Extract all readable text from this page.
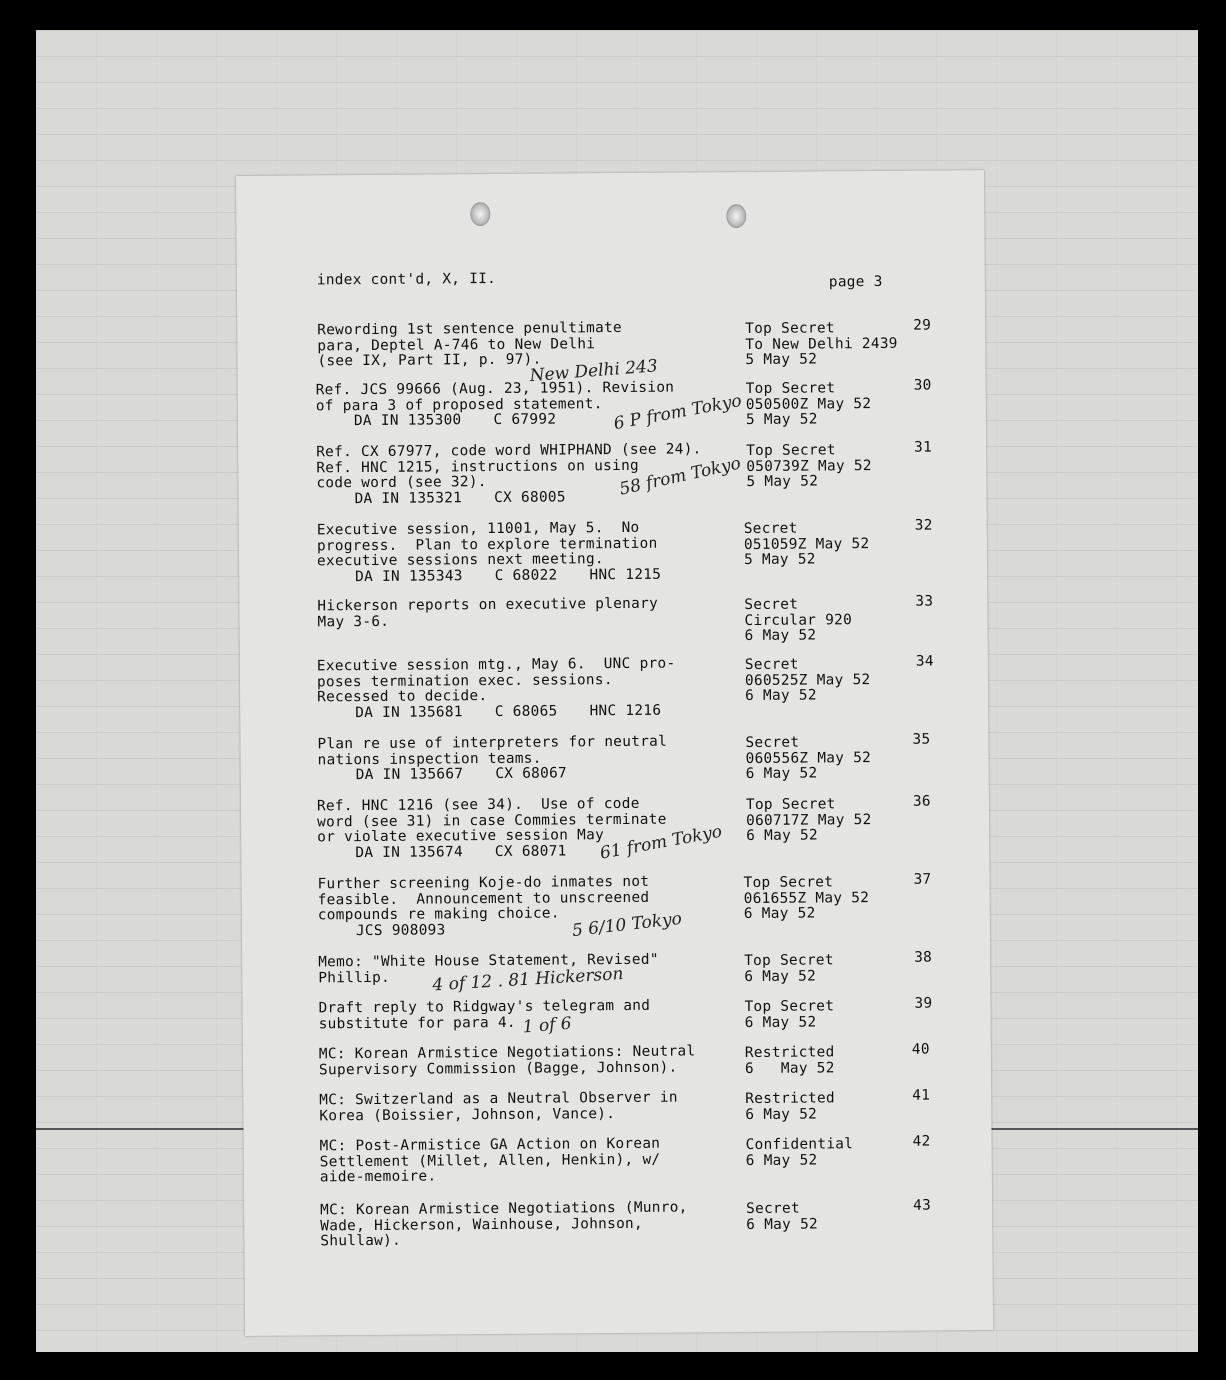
index cont'd, X, II.	page 3
Rewording 1st sentence penultimate
para, Deptel A-746 to New Delhi
(see IX, Part II, p. 97).
Top Secret
To New Delhi 2439
5 May 52
29
New Delhi 243
Ref. JCS 99666 (Aug. 23, 1951). Revision
of para 3 of proposed statement.
DA IN 135300 C 67992
Top Secret
050500Z May 52
5 May 52
30
6 P from Tokyo
Ref. CX 67977, code word WHIPHAND (see 24).
Ref. HNC 1215, instructions on using
code word (see 32).
DA IN 135321 CX 68005
Top Secret
050739Z May 52
5 May 52
31
58 from Tokyo
Executive session, 11001, May 5.  No
progress.  Plan to explore termination
executive sessions next meeting.
DA IN 135343 C 68022 HNC 1215
Secret
051059Z May 52
5 May 52
32
Hickerson reports on executive plenary
May 3-6.
Secret
Circular 920
6 May 52
33
Executive session mtg., May 6.  UNC pro-
poses termination exec. sessions.
Recessed to decide.
DA IN 135681 C 68065 HNC 1216
Secret
060525Z May 52
6 May 52
34
Plan re use of interpreters for neutral
nations inspection teams.
DA IN 135667 CX 68067
Secret
060556Z May 52
6 May 52
35
Ref. HNC 1216 (see 34).  Use of code
word (see 31) in case Commies terminate
or violate executive session May
DA IN 135674 CX 68071
Top Secret
060717Z May 52
6 May 52
36
61 from Tokyo
Further screening Koje-do inmates not
feasible.  Announcement to unscreened
compounds re making choice.
JCS 908093
Top Secret
061655Z May 52
6 May 52
37
5 6/10 Tokyo
Memo: "White House Statement, Revised"
Phillip.
Top Secret
6 May 52
38
4 of 12 . 81 Hickerson
Draft reply to Ridgway's telegram and
substitute for para 4.
Top Secret
6 May 52
39
1 of 6
MC: Korean Armistice Negotiations: Neutral
Supervisory Commission (Bagge, Johnson).
Restricted
6   May 52
40
MC: Switzerland as a Neutral Observer in
Korea (Boissier, Johnson, Vance).
Restricted
6 May 52
41
MC: Post-Armistice GA Action on Korean
Settlement (Millet, Allen, Henkin), w/
aide-memoire.
Confidential
6 May 52
42
MC: Korean Armistice Negotiations (Munro,
Wade, Hickerson, Wainhouse, Johnson,
Shullaw).
Secret
6 May 52
43
